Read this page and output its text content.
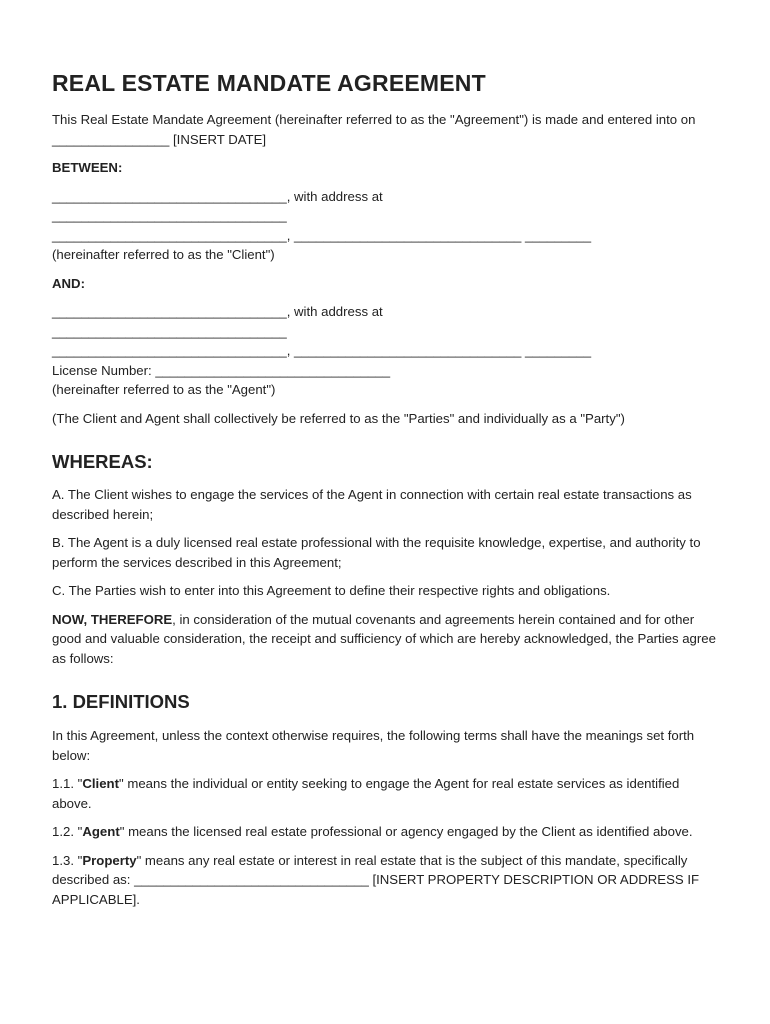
REAL ESTATE MANDATE AGREEMENT

This Real Estate Mandate Agreement (hereinafter referred to as the "Agreement") is made and entered into on ________________ [INSERT DATE]

BETWEEN:

________________________________, with address at

________________________________

________________________________, _______________________________ _________

(hereinafter referred to as the "Client")

AND:

________________________________, with address at

________________________________

________________________________, _______________________________ _________

License Number: ________________________________

(hereinafter referred to as the "Agent")

(The Client and Agent shall collectively be referred to as the "Parties" and individually as a "Party")

WHEREAS:

A. The Client wishes to engage the services of the Agent in connection with certain real estate transactions as described herein;

B. The Agent is a duly licensed real estate professional with the requisite knowledge, expertise, and authority to perform the services described in this Agreement;

C. The Parties wish to enter into this Agreement to define their respective rights and obligations.

NOW, THEREFORE, in consideration of the mutual covenants and agreements herein contained and for other good and valuable consideration, the receipt and sufficiency of which are hereby acknowledged, the Parties agree as follows:

1. DEFINITIONS

In this Agreement, unless the context otherwise requires, the following terms shall have the meanings set forth below:

1.1. "Client" means the individual or entity seeking to engage the Agent for real estate services as identified above.

1.2. "Agent" means the licensed real estate professional or agency engaged by the Client as identified above.

1.3. "Property" means any real estate or interest in real estate that is the subject of this mandate, specifically described as: ________________________________ [INSERT PROPERTY DESCRIPTION OR ADDRESS IF APPLICABLE].
